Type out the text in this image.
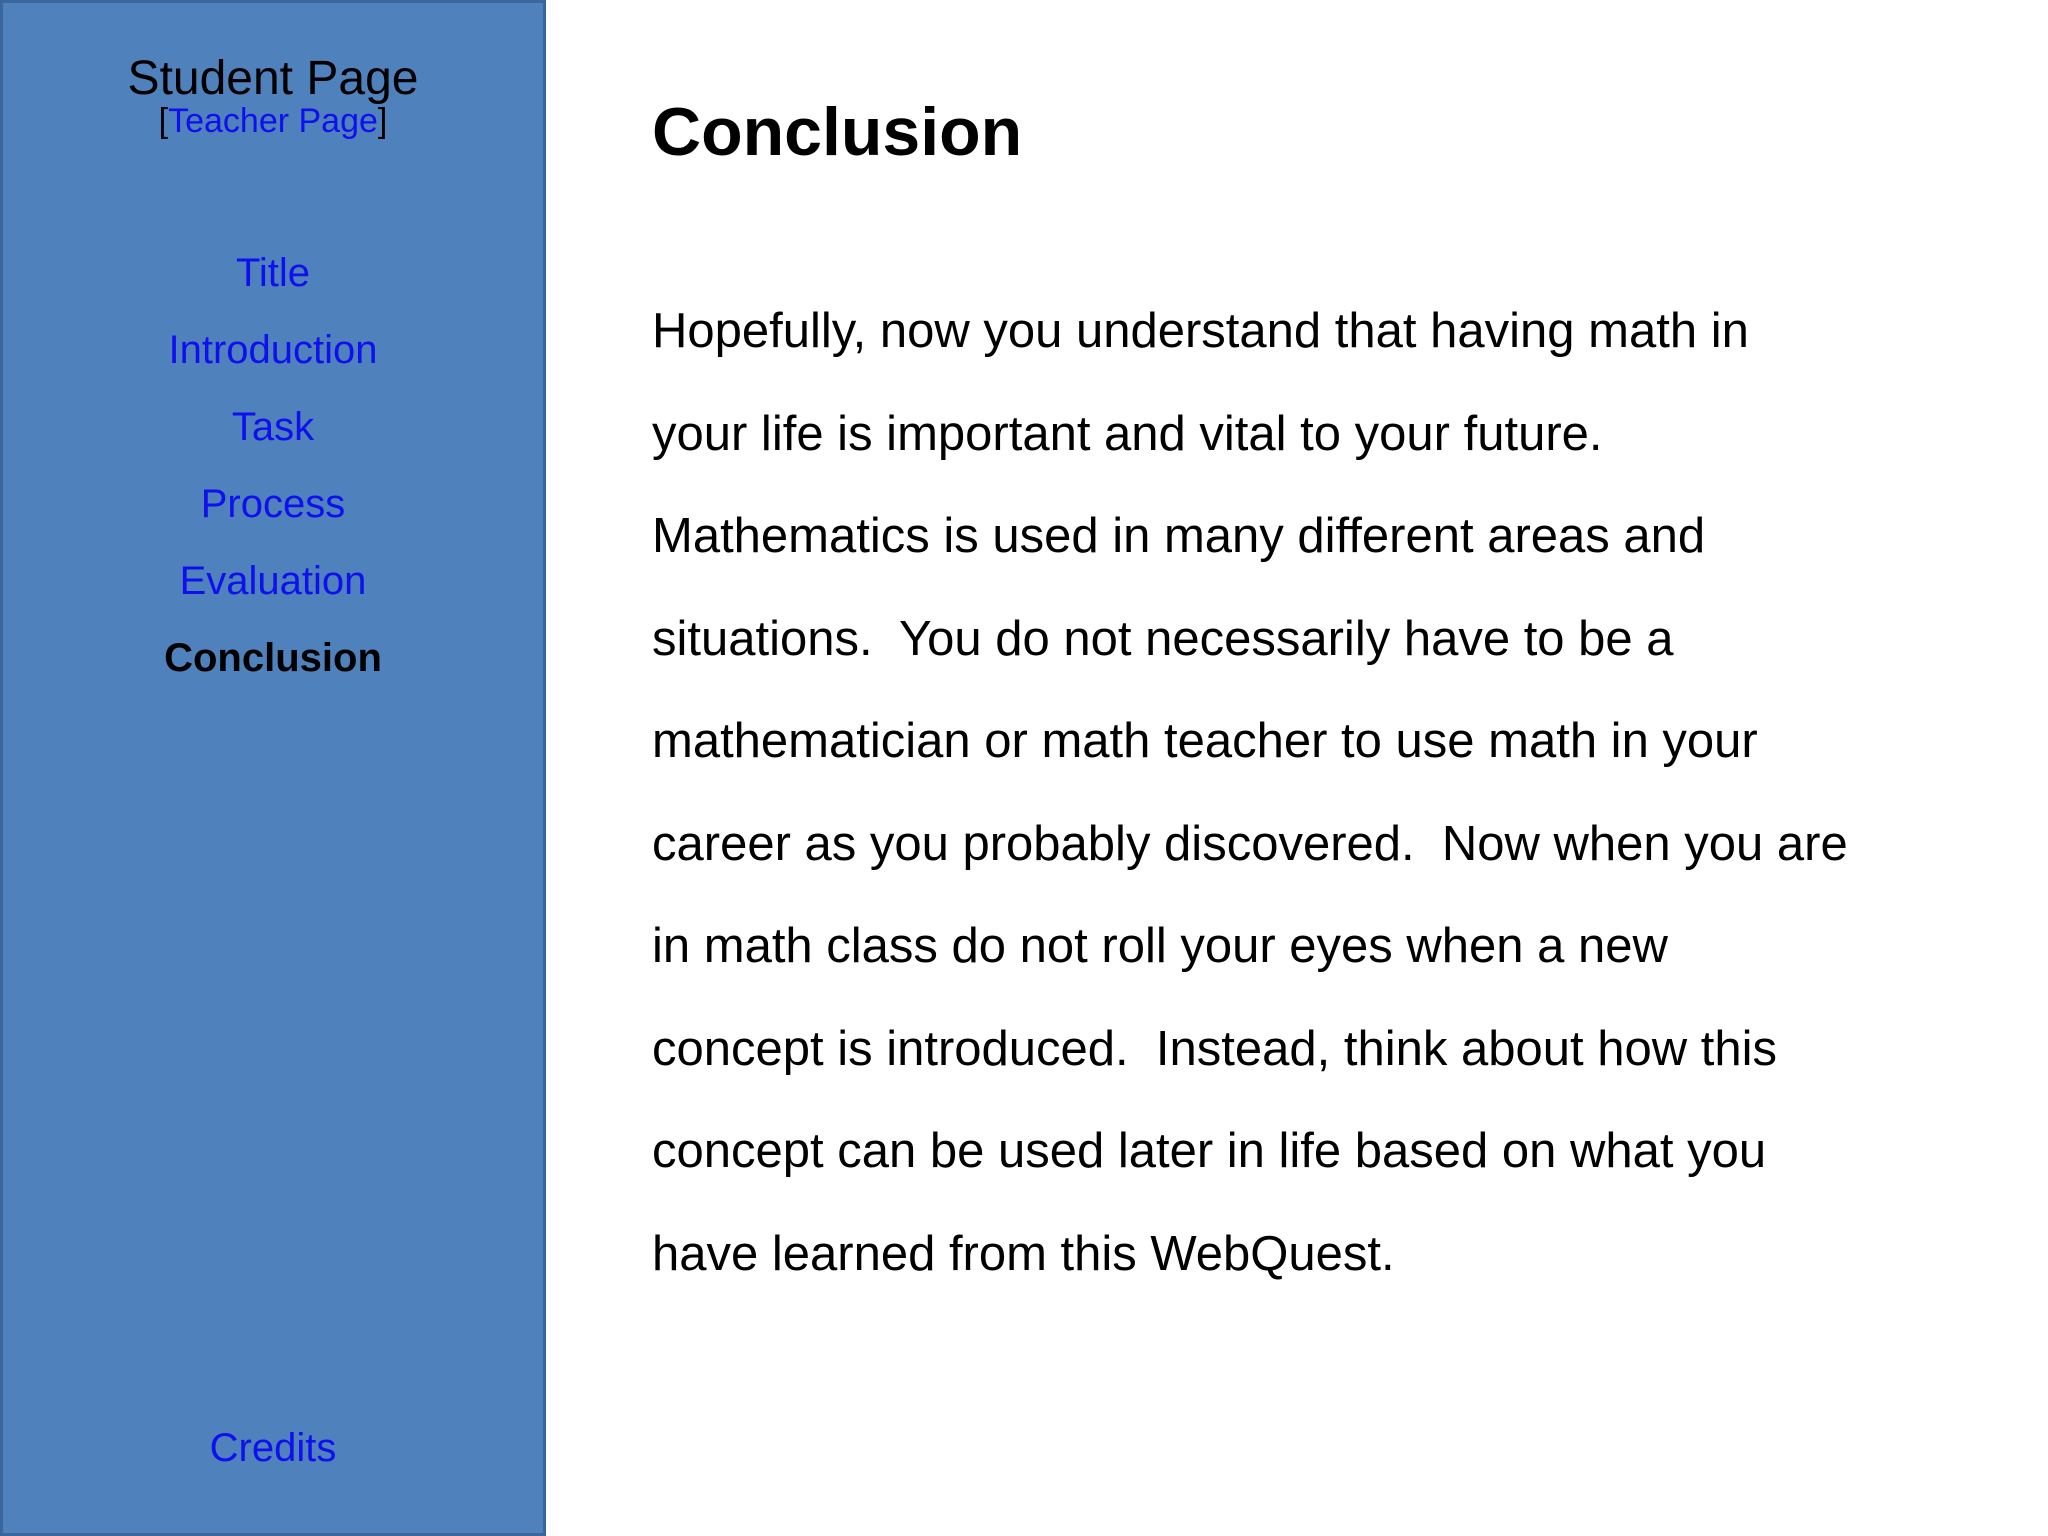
Student Page
[Teacher Page]
Title
Introduction
Task
Process
Evaluation
Conclusion
Credits
Conclusion
Hopefully, now you understand that having math in
your life is important and vital to your future.
Mathematics is used in many different areas and
situations.  You do not necessarily have to be a
mathematician or math teacher to use math in your
career as you probably discovered.  Now when you are
in math class do not roll your eyes when a new
concept is introduced.  Instead, think about how this
concept can be used later in life based on what you
have learned from this WebQuest.
